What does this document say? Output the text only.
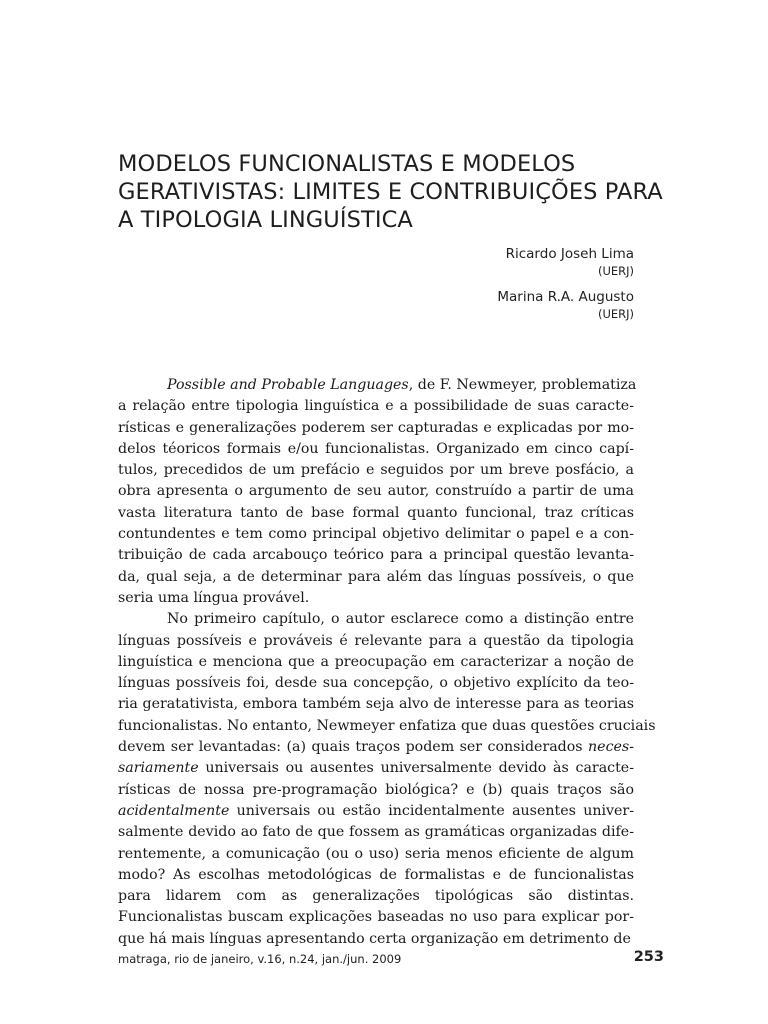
MODELOS FUNCIONALISTAS E MODELOS
GERATIVISTAS: LIMITES E CONTRIBUIÇÕES PARA
A TIPOLOGIA LINGUÍSTICA
Ricardo Joseh Lima
(UERJ)
Marina R.A. Augusto
(UERJ)
Possible and Probable Languages, de F. Newmeyer, problematiza
a relação entre tipologia linguística e a possibilidade de suas caracte-
rísticas e generalizações poderem ser capturadas e explicadas por mo-
delos téoricos formais e/ou funcionalistas. Organizado em cinco capí-
tulos, precedidos de um prefácio e seguidos por um breve posfácio, a
obra apresenta o argumento de seu autor, construído a partir de uma
vasta literatura tanto de base formal quanto funcional, traz críticas
contundentes e tem como principal objetivo delimitar o papel e a con-
tribuição de cada arcabouço teórico para a principal questão levanta-
da, qual seja, a de determinar para além das línguas possíveis, o que
seria uma língua provável.
No primeiro capítulo, o autor esclarece como a distinção entre
línguas possíveis e prováveis é relevante para a questão da tipologia
linguística e menciona que a preocupação em caracterizar a noção de
línguas possíveis foi, desde sua concepção, o objetivo explícito da teo-
ria geratativista, embora também seja alvo de interesse para as teorias
funcionalistas. No entanto, Newmeyer enfatiza que duas questões cruciais
devem ser levantadas: (a) quais traços podem ser considerados neces-
sariamente universais ou ausentes universalmente devido às caracte-
rísticas de nossa pre-programação biológica? e (b) quais traços são
acidentalmente universais ou estão incidentalmente ausentes univer-
salmente devido ao fato de que fossem as gramáticas organizadas dife-
rentemente, a comunicação (ou o uso) seria menos eficiente de algum
modo? As escolhas metodológicas de formalistas e de funcionalistas
para lidarem com as generalizações tipológicas são distintas.
Funcionalistas buscam explicações baseadas no uso para explicar por-
que há mais línguas apresentando certa organização em detrimento de
matraga, rio de janeiro, v.16, n.24, jan./jun. 2009	253
